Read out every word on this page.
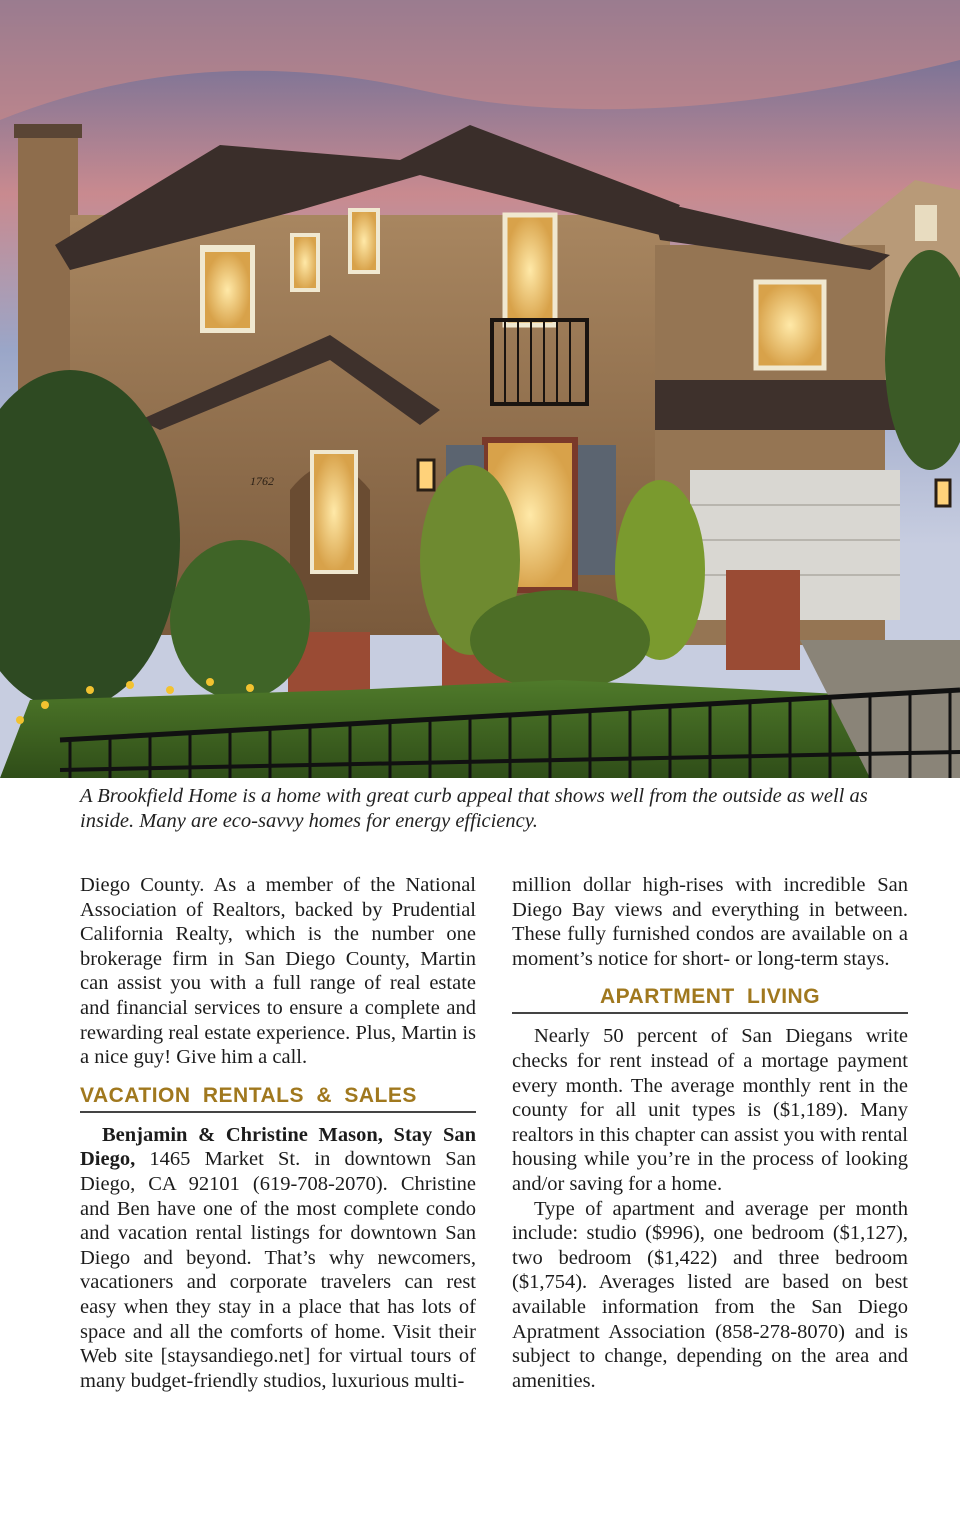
1762
A Brookfield Home is a home with great curb appeal that shows well from the outside as well as inside. Many are eco-savvy homes for energy efficiency.

Diego County. As a member of the National Association of Realtors, backed by Prudential California Realty, which is the number one brokerage firm in San Diego County, Martin can assist you with a full range of real estate and financial services to ensure a complete and rewarding real estate experience. Plus, Martin is a nice guy! Give him a call.

VACATION RENTALS & SALES

Benjamin & Christine Mason, Stay San Diego, 1465 Market St. in downtown San Diego, CA 92101 (619-708-2070). Christine and Ben have one of the most complete condo and vacation rental listings for downtown San Diego and beyond. That’s why newcomers, vacationers and corporate travelers can rest easy when they stay in a place that has lots of space and all the comforts of home. Visit their Web site [staysandiego.net] for virtual tours of many budget-friendly studios, luxurious multi-

million dollar high-rises with incredible San Diego Bay views and everything in between. These fully furnished condos are available on a moment’s notice for short- or long-term stays.

APARTMENT LIVING

Nearly 50 percent of San Diegans write checks for rent instead of a mortage payment every month. The average monthly rent in the county for all unit types is ($1,189). Many realtors in this chapter can assist you with rental housing while you’re in the process of looking and/or saving for a home.

Type of apartment and average per month include: studio ($996), one bedroom ($1,127), two bedroom ($1,422) and three bedroom ($1,754). Averages listed are based on best available information from the San Diego Apratment Association (858-278-8070) and is subject to change, depending on the area and amenities.
